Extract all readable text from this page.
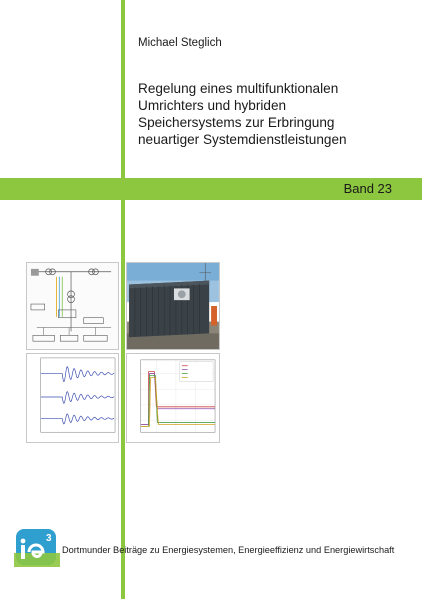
Michael Steglich
Regelung eines multifunktionalen
Umrichters und hybriden
Speichersystems zur Erbringung
neuartiger Systemdienstleistungen
Band 23
3
Dortmunder Beiträge zu Energiesystemen, Energieeffizienz und Energiewirtschaft
